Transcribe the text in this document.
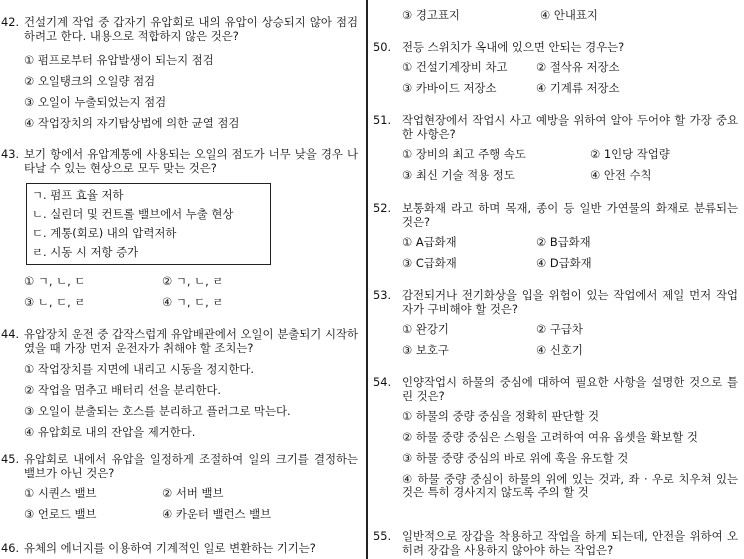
42. 건설기계 작업 중 갑자기 유압회로 내의 유압이 상승되지 않아 점검하려고 한다. 내용으로 적합하지 않은 것은?
① 펌프로부터 유압발생이 되는지 점검
② 오일탱크의 오일량 점검
③ 오일이 누출되었는지 점검
④ 작업장치의 자기탐상법에 의한 균열 점검
43. 보기 항에서 유압계통에 사용되는 오일의 점도가 너무 낮을 경우 나타날 수 있는 현상으로 모두 맞는 것은?
ㄱ. 펌프 효율 저하
ㄴ. 실린더 및 컨트롤 밸브에서 누출 현상
ㄷ. 계통(회로) 내의 압력저하
ㄹ. 시동 시 저항 증가
① ㄱ, ㄴ, ㄷ	② ㄱ, ㄴ, ㄹ
③ ㄴ, ㄷ, ㄹ	④ ㄱ, ㄷ, ㄹ
44. 유압장치 운전 중 갑작스럽게 유압배관에서 오일이 분출되기 시작하였을 때 가장 먼저 운전자가 취해야 할 조치는?
① 작업장치를 지면에 내리고 시동을 정지한다.
② 작업을 멈추고 배터리 선을 분리한다.
③ 오일이 분출되는 호스를 분리하고 플러그로 막는다.
④ 유압회로 내의 잔압을 제거한다.
45. 유압회로 내에서 유압을 일정하게 조절하여 일의 크기를 결정하는 밸브가 아닌 것은?
① 시퀀스 밸브	② 서버 밸브
③ 언로드 밸브	④ 카운터 밸런스 밸브
46. 유체의 에너지를 이용하여 기계적인 일로 변환하는 기기는?
③ 경고표지	④ 안내표지
50. 전등 스위치가 옥내에 있으면 안되는 경우는?
① 건설기계장비 차고	② 절삭유 저장소
③ 카바이드 저장소	④ 기계류 저장소
51. 작업현장에서 작업시 사고 예방을 위하여 알아 두어야 할 가장 중요한 사항은?
① 장비의 최고 주행 속도	② 1인당 작업량
③ 최신 기술 적용 정도	④ 안전 수칙
52. 보통화재 라고 하며 목재, 종이 등 일반 가연물의 화재로 분류되는 것은?
① A급화재	② B급화재
③ C급화재	④ D급화재
53. 감전되거나 전기화상을 입을 위험이 있는 작업에서 제일 먼저 작업자가 구비해야 할 것은?
① 완강기	② 구급차
③ 보호구	④ 신호기
54. 인양작업시 하물의 중심에 대하여 필요한 사항을 설명한 것으로 틀린 것은?
① 하물의 중량 중심을 정확히 판단할 것
② 하물 중량 중심은 스윙을 고려하여 여유 옵셋을 확보할 것
③ 하물 중량 중심의 바로 위에 훅을 유도할 것
④ 하물 중량 중심이 하물의 위에 있는 것과, 좌 · 우로 치우쳐 있는 것은 특히 경사지지 않도록 주의 할 것
55. 일반적으로 장갑을 착용하고 작업을 하게 되는데, 안전을 위하여 오히려 장갑을 사용하지 않아야 하는 작업은?
